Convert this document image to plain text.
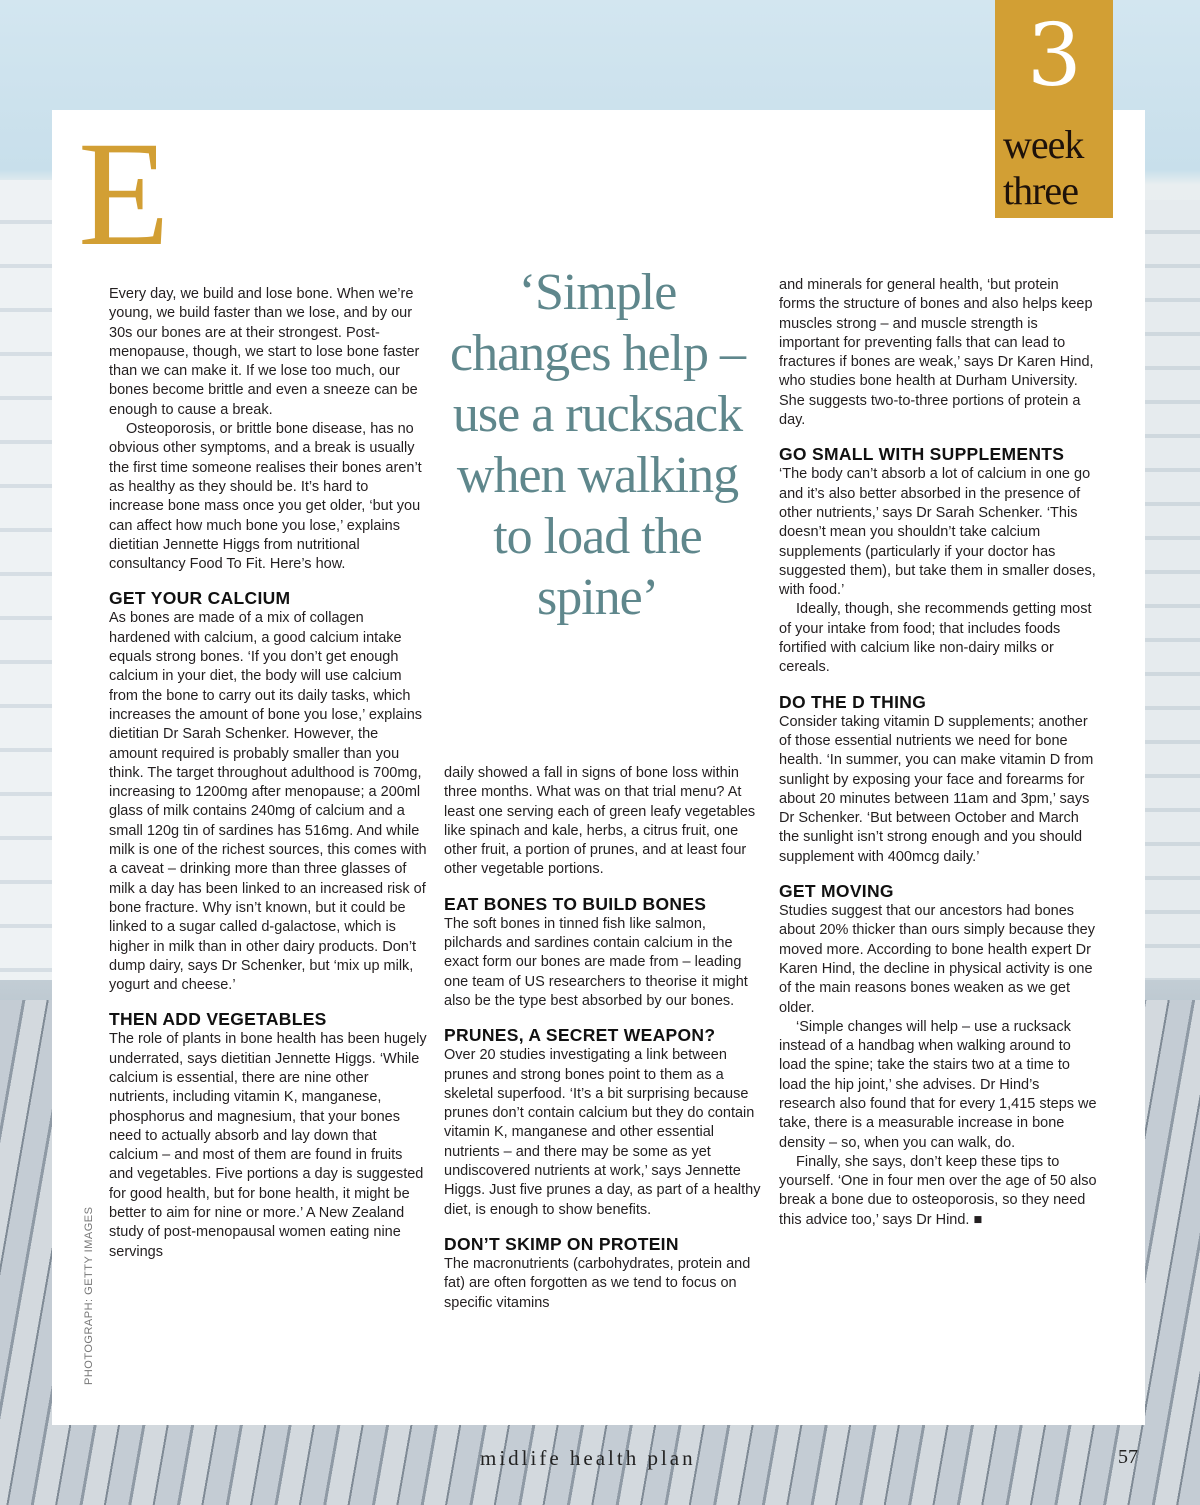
3
week
three
E

Every day, we build and lose bone. When we’re young, we build faster than we lose, and by our 30s our bones are at their strongest. Post-menopause, though, we start to lose bone faster than we can make it. If we lose too much, our bones become brittle and even a sneeze can be enough to cause a break.

Osteoporosis, or brittle bone disease, has no obvious other symptoms, and a break is usually the first time someone realises their bones aren’t as healthy as they should be. It’s hard to increase bone mass once you get older, ‘but you can affect how much bone you lose,’ explains dietitian Jennette Higgs from nutritional consultancy Food To Fit. Here’s how.

GET YOUR CALCIUM

As bones are made of a mix of collagen hardened with calcium, a good calcium intake equals strong bones. ‘If you don’t get enough calcium in your diet, the body will use calcium from the bone to carry out its daily tasks, which increases the amount of bone you lose,’ explains dietitian Dr Sarah Schenker. However, the amount required is probably smaller than you think. The target throughout adulthood is 700mg, increasing to 1200mg after menopause; a 200ml glass of milk contains 240mg of calcium and a small 120g tin of sardines has 516mg. And while milk is one of the richest sources, this comes with a caveat – drinking more than three glasses of milk a day has been linked to an increased risk of bone fracture. Why isn’t known, but it could be linked to a sugar called d-galactose, which is higher in milk than in other dairy products. Don’t dump dairy, says Dr Schenker, but ‘mix up milk, yogurt and cheese.’

THEN ADD VEGETABLES

The role of plants in bone health has been hugely underrated, says dietitian Jennette Higgs. ‘While calcium is essential, there are nine other nutrients, including vitamin K, manganese, phosphorus and magnesium, that your bones need to actually absorb and lay down that calcium – and most of them are found in fruits and vegetables. Five portions a day is suggested for good health, but for bone health, it might be better to aim for nine or more.’ A New Zealand study of post-menopausal women eating nine servings

‘Simple changes help – use a rucksack when walking to load the spine’

daily showed a fall in signs of bone loss within three months. What was on that trial menu? At least one serving each of green leafy vegetables like spinach and kale, herbs, a citrus fruit, one other fruit, a portion of prunes, and at least four other vegetable portions.

EAT BONES TO BUILD BONES

The soft bones in tinned fish like salmon, pilchards and sardines contain calcium in the exact form our bones are made from – leading one team of US researchers to theorise it might also be the type best absorbed by our bones.

PRUNES, A SECRET WEAPON?

Over 20 studies investigating a link between prunes and strong bones point to them as a skeletal superfood. ‘It’s a bit surprising because prunes don’t contain calcium but they do contain vitamin K, manganese and other essential nutrients – and there may be some as yet undiscovered nutrients at work,’ says Jennette Higgs. Just five prunes a day, as part of a healthy diet, is enough to show benefits.

DON’T SKIMP ON PROTEIN

The macronutrients (carbohydrates, protein and fat) are often forgotten as we tend to focus on specific vitamins

and minerals for general health, ‘but protein forms the structure of bones and also helps keep muscles strong – and muscle strength is important for preventing falls that can lead to fractures if bones are weak,’ says Dr Karen Hind, who studies bone health at Durham University. She suggests two-to-three portions of protein a day.

GO SMALL WITH SUPPLEMENTS

‘The body can’t absorb a lot of calcium in one go and it’s also better absorbed in the presence of other nutrients,’ says Dr Sarah Schenker. ‘This doesn’t mean you shouldn’t take calcium supplements (particularly if your doctor has suggested them), but take them in smaller doses, with food.’

Ideally, though, she recommends getting most of your intake from food; that includes foods fortified with calcium like non-dairy milks or cereals.

DO THE D THING

Consider taking vitamin D supplements; another of those essential nutrients we need for bone health. ‘In summer, you can make vitamin D from sunlight by exposing your face and forearms for about 20 minutes between 11am and 3pm,’ says Dr Schenker. ‘But between October and March the sunlight isn’t strong enough and you should supplement with 400mcg daily.’

GET MOVING

Studies suggest that our ancestors had bones about 20% thicker than ours simply because they moved more. According to bone health expert Dr Karen Hind, the decline in physical activity is one of the main reasons bones weaken as we get older.

‘Simple changes will help – use a rucksack instead of a handbag when walking around to load the spine; take the stairs two at a time to load the hip joint,’ she advises. Dr Hind’s research also found that for every 1,415 steps we take, there is a measurable increase in bone density – so, when you can walk, do.

Finally, she says, don’t keep these tips to yourself. ‘One in four men over the age of 50 also break a bone due to osteoporosis, so they need this advice too,’ says Dr Hind. ■

PHOTOGRAPH: GETTY IMAGES
midlife health plan	57
